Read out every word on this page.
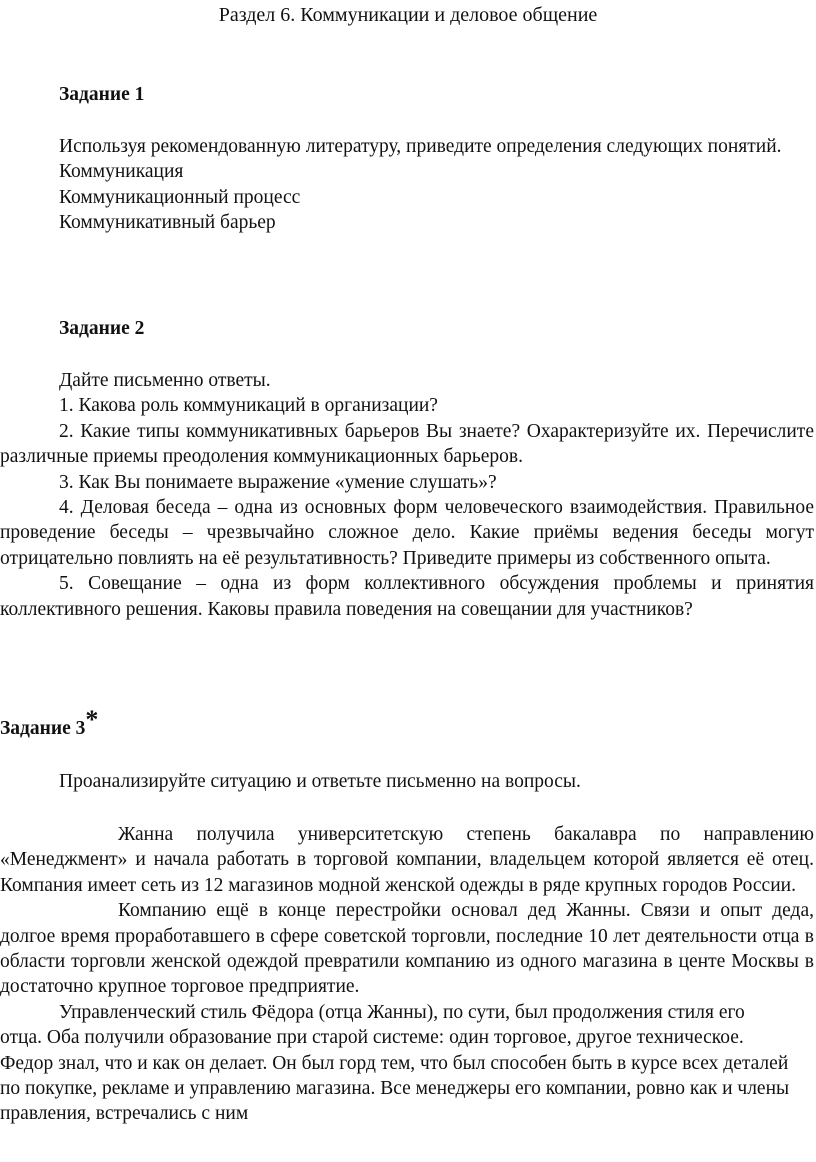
Раздел 6. Коммуникации и деловое общение
Задание 1

Используя рекомендованную литературу, приведите определения следующих понятий.

Коммуникация

Коммуникационный процесс

Коммуникативный барьер

Задание 2

Дайте письменно ответы.

1. Какова роль коммуникаций в организации?

2. Какие типы коммуникативных барьеров Вы знаете? Охарактеризуйте их. Перечислите различные приемы преодоления коммуникационных барьеров.

3. Как Вы понимаете выражение «умение слушать»?

4. Деловая беседа – одна из основных форм человеческого взаимодействия. Правильное проведение беседы – чрезвычайно сложное дело. Какие приёмы ведения беседы могут отрицательно повлиять на её результативность? Приведите примеры из собственного опыта.

5. Совещание – одна из форм коллективного обсуждения проблемы и принятия коллективного решения. Каковы правила поведения на совещании для участников?

Задание 3*

Проанализируйте ситуацию и ответьте письменно на вопросы.

Жанна получила университетскую степень бакалавра по направлению «Менеджмент» и начала работать в торговой компании, владельцем которой является её отец. Компания имеет сеть из 12 магазинов модной женской одежды в ряде крупных городов России.

Компанию ещё в конце перестройки основал дед Жанны. Связи и опыт деда, долгое время проработавшего в сфере советской торговли, последние 10 лет деятельности отца в области торговли женской одеждой превратили компанию из одного магазина в центе Москвы в достаточно крупное торговое предприятие.

Управленческий стиль Фёдора (отца Жанны), по сути, был продолжения стиля его отца. Оба получили образование при старой системе: один торговое, другое техническое. Федор знал, что и как он делает. Он был горд тем, что был способен быть в курсе всех деталей по покупке, рекламе и управлению магазина. Все менеджеры его компании, ровно как и члены правления, встречались с ним
